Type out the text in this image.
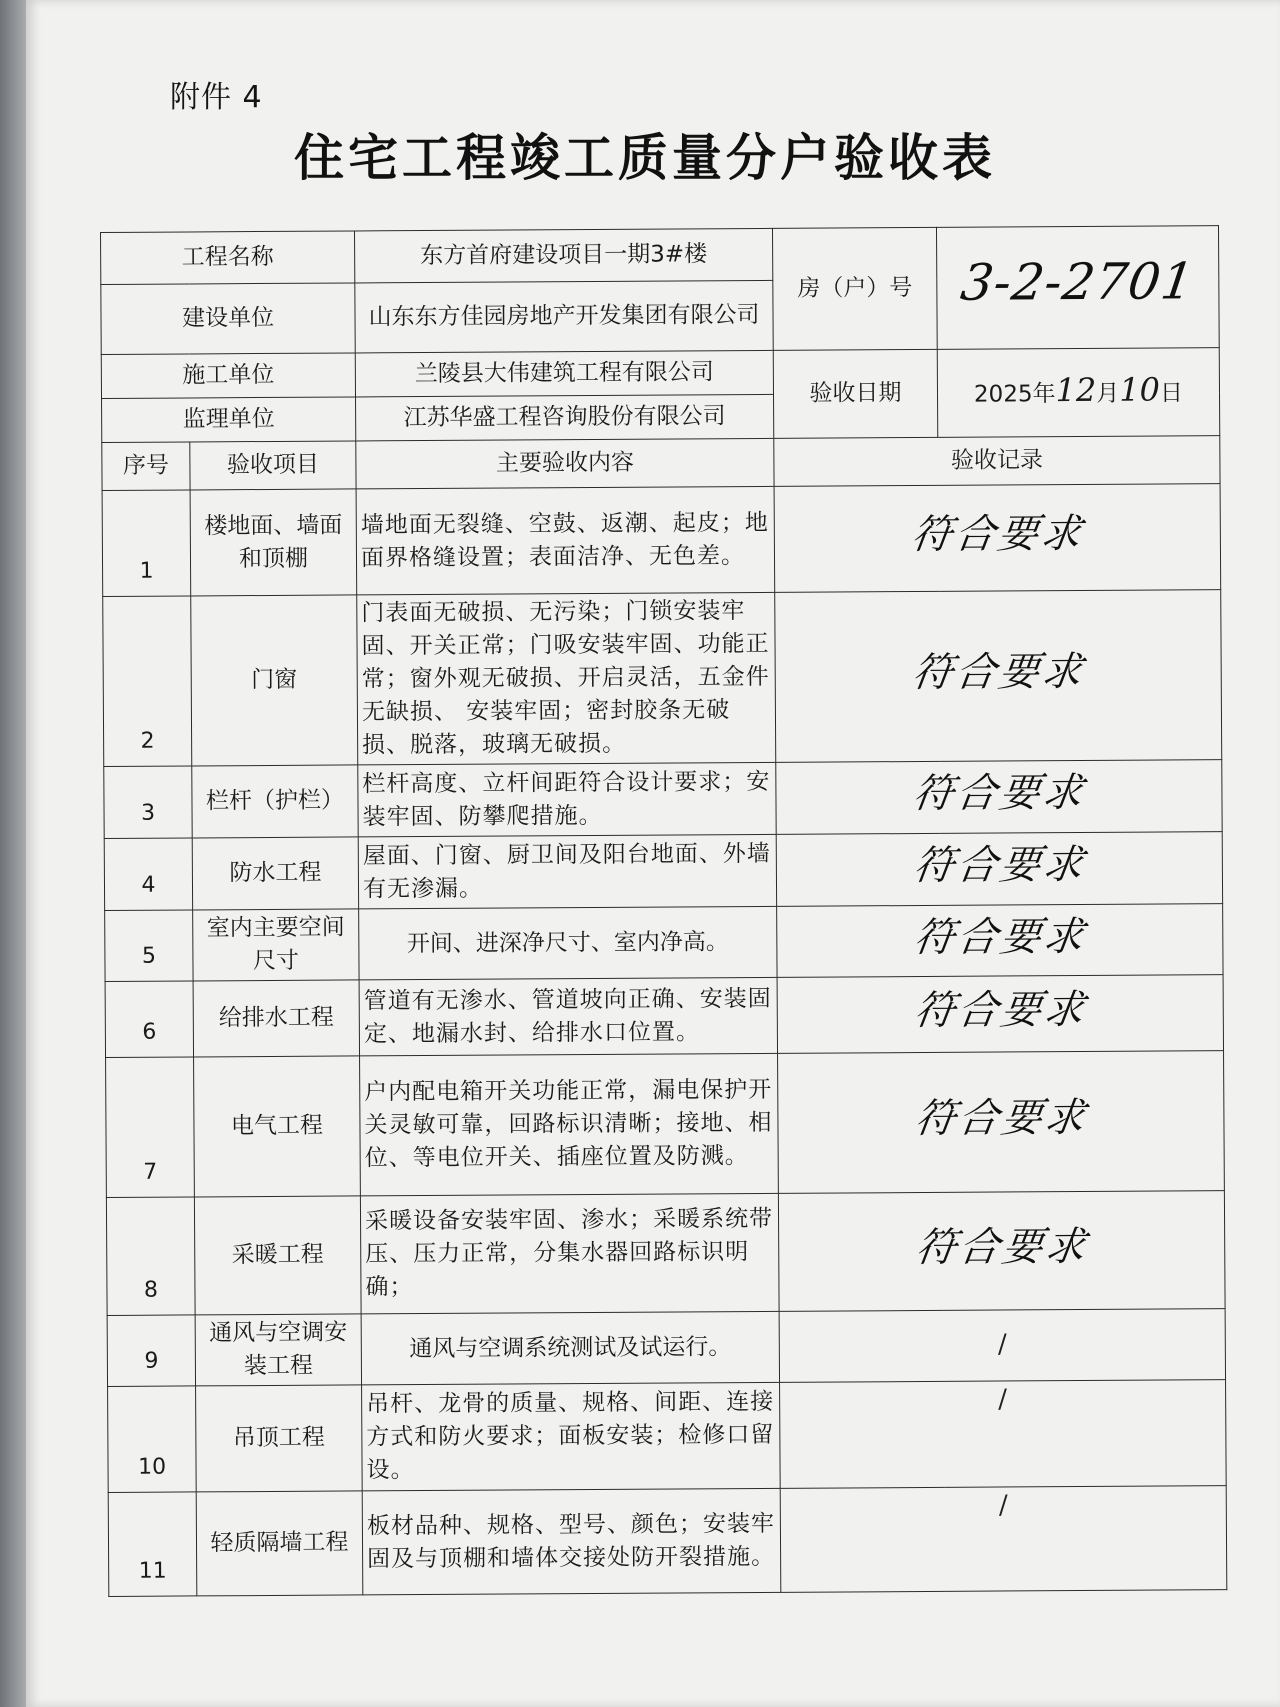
附件 4
住宅工程竣工质量分户验收表
工程名称		东方首府建设项目一期3#楼	房（户）号	3-2-2701
建设单位		山东东方佳园房地产开发集团有限公司		
施工单位		兰陵县大伟建筑工程有限公司	验收日期	2025年12月10日
监理单位		江苏华盛工程咨询股份有限公司		
序号	验收项目	主要验收内容	验收记录	
1	楼地面、墙面和顶棚	墙地面无裂缝、空鼓、返潮、起皮；地面界格缝设置；表面洁净、无色差。	符合要求	
2	门窗	门表面无破损、无污染；门锁安装牢固、开关正常；门吸安装牢固、功能正常；窗外观无破损、开启灵活，五金件无缺损、 安装牢固；密封胶条无破损、脱落，玻璃无破损。	符合要求	
3	栏杆（护栏）	栏杆高度、立杆间距符合设计要求；安装牢固、防攀爬措施。	符合要求	
4	防水工程	屋面、门窗、厨卫间及阳台地面、外墙有无渗漏。	符合要求	
5	室内主要空间尺寸	开间、进深净尺寸、室内净高。	符合要求	
6	给排水工程	管道有无渗水、管道坡向正确、安装固定、地漏水封、给排水口位置。	符合要求	
7	电气工程	户内配电箱开关功能正常，漏电保护开关灵敏可靠，回路标识清晰；接地、相位、等电位开关、插座位置及防溅。	符合要求	
8	采暖工程	采暖设备安装牢固、渗水；采暖系统带压、压力正常，分集水器回路标识明确；	符合要求	
9	通风与空调安装工程	通风与空调系统测试及试运行。	/	
10	吊顶工程	吊杆、龙骨的质量、规格、间距、连接方式和防火要求；面板安装；检修口留设。	/	
11	轻质隔墙工程	板材品种、规格、型号、颜色；安装牢固及与顶棚和墙体交接处防开裂措施。	/	
